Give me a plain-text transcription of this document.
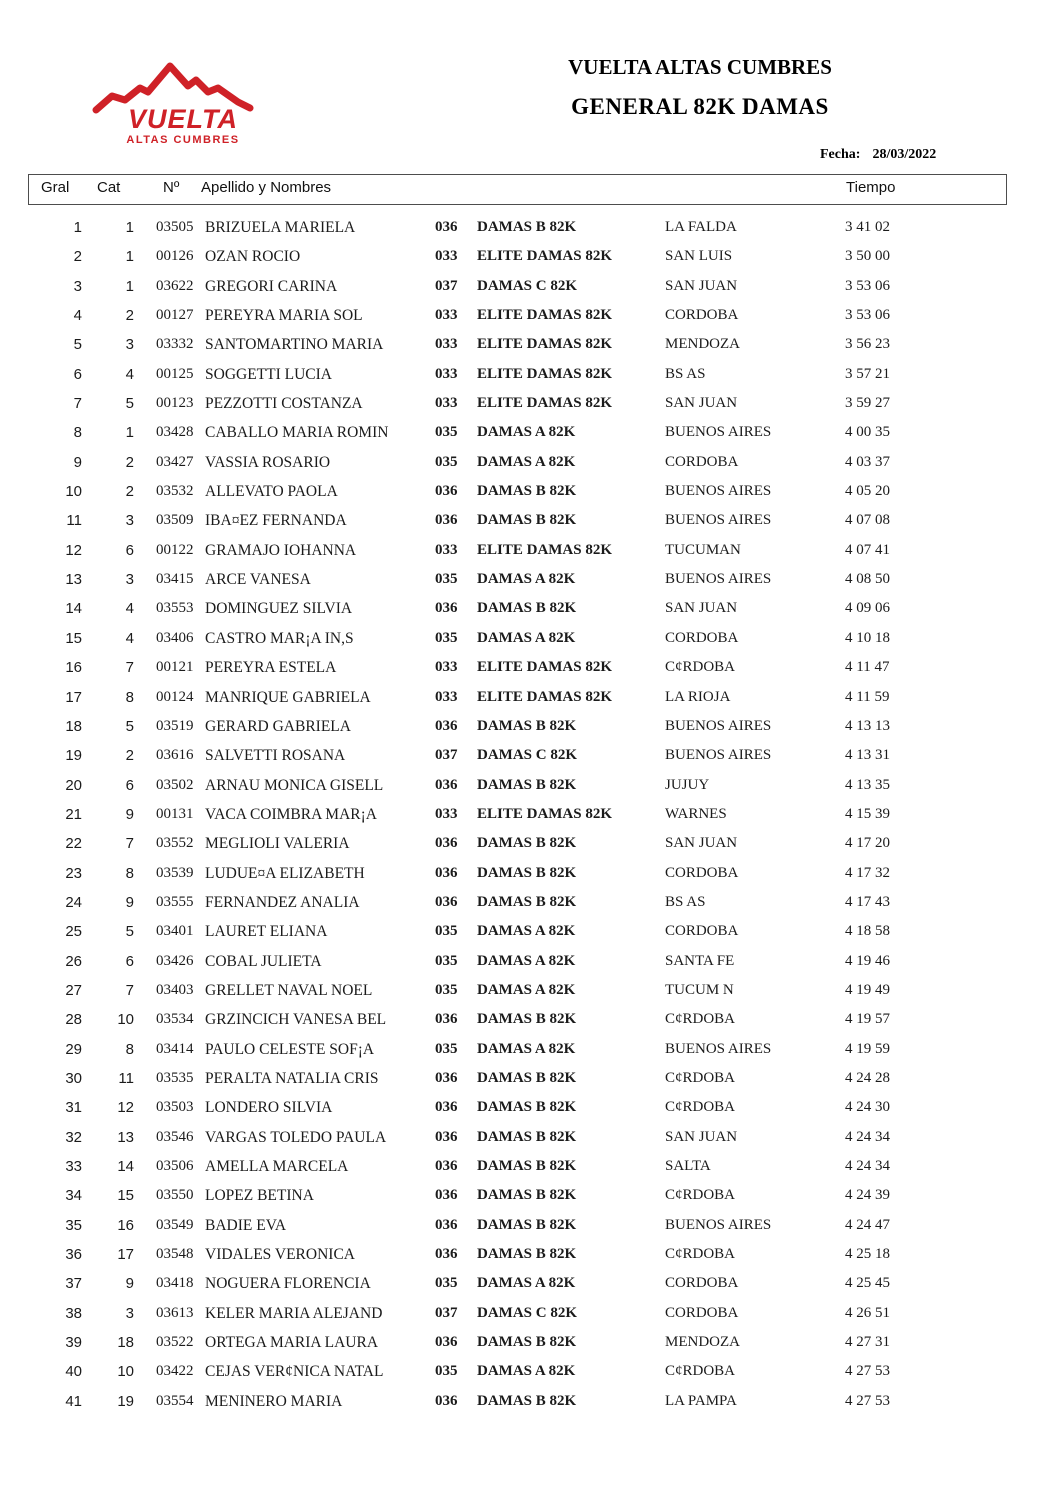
VUELTA
ALTAS CUMBRES
VUELTA ALTAS CUMBRES
GENERAL 82K DAMAS
Fecha: 28/03/2022
Gral Cat	Nº Apellido y Nombres	Tiempo
1	1 03505 BRIZUELA MARIELA	036	DAMAS B 82K	LA FALDA	3 41 02
2	1 00126 OZAN ROCIO	033	ELITE DAMAS 82K	SAN LUIS	3 50 00
3	1 03622 GREGORI CARINA	037	DAMAS C 82K	SAN JUAN	3 53 06
4	2 00127 PEREYRA MARIA SOL	033	ELITE DAMAS 82K	CORDOBA	3 53 06
5	3 03332 SANTOMARTINO MARIA	033	ELITE DAMAS 82K	MENDOZA	3 56 23
6	4 00125 SOGGETTI LUCIA	033	ELITE DAMAS 82K	BS AS	3 57 21
7	5 00123 PEZZOTTI COSTANZA	033	ELITE DAMAS 82K	SAN JUAN	3 59 27
8	1 03428 CABALLO MARIA ROMIN	035	DAMAS A 82K	BUENOS AIRES	4 00 35
9	2 03427 VASSIA ROSARIO	035	DAMAS A 82K	CORDOBA	4 03 37
10	2 03532 ALLEVATO PAOLA	036	DAMAS B 82K	BUENOS AIRES	4 05 20
11	3 03509 IBA¤EZ FERNANDA	036	DAMAS B 82K	BUENOS AIRES	4 07 08
12	6 00122 GRAMAJO IOHANNA	033	ELITE DAMAS 82K	TUCUMAN	4 07 41
13	3 03415 ARCE VANESA	035	DAMAS A 82K	BUENOS AIRES	4 08 50
14	4 03553 DOMINGUEZ SILVIA	036	DAMAS B 82K	SAN JUAN	4 09 06
15	4 03406 CASTRO MAR¡A IN,S	035	DAMAS A 82K	CORDOBA	4 10 18
16	7 00121 PEREYRA ESTELA	033	ELITE DAMAS 82K	C¢RDOBA	4 11 47
17	8 00124 MANRIQUE GABRIELA	033	ELITE DAMAS 82K	LA RIOJA	4 11 59
18	5 03519 GERARD GABRIELA	036	DAMAS B 82K	BUENOS AIRES	4 13 13
19	2 03616 SALVETTI ROSANA	037	DAMAS C 82K	BUENOS AIRES	4 13 31
20	6 03502 ARNAU MONICA GISELL	036	DAMAS B 82K	JUJUY	4 13 35
21	9 00131 VACA COIMBRA MAR¡A	033	ELITE DAMAS 82K	WARNES	4 15 39
22	7 03552 MEGLIOLI VALERIA	036	DAMAS B 82K	SAN JUAN	4 17 20
23	8 03539 LUDUE¤A ELIZABETH	036	DAMAS B 82K	CORDOBA	4 17 32
24	9 03555 FERNANDEZ ANALIA	036	DAMAS B 82K	BS AS	4 17 43
25	5 03401 LAURET ELIANA	035	DAMAS A 82K	CORDOBA	4 18 58
26	6 03426 COBAL JULIETA	035	DAMAS A 82K	SANTA FE	4 19 46
27	7 03403 GRELLET NAVAL NOEL	035	DAMAS A 82K	TUCUM N	4 19 49
28	10 03534 GRZINCICH VANESA BEL	036	DAMAS B 82K	C¢RDOBA	4 19 57
29	8 03414 PAULO CELESTE SOF¡A	035	DAMAS A 82K	BUENOS AIRES	4 19 59
30	11 03535 PERALTA NATALIA CRIS	036	DAMAS B 82K	C¢RDOBA	4 24 28
31	12 03503 LONDERO SILVIA	036	DAMAS B 82K	C¢RDOBA	4 24 30
32	13 03546 VARGAS TOLEDO PAULA	036	DAMAS B 82K	SAN JUAN	4 24 34
33	14 03506 AMELLA MARCELA	036	DAMAS B 82K	SALTA	4 24 34
34	15 03550 LOPEZ BETINA	036	DAMAS B 82K	C¢RDOBA	4 24 39
35	16 03549 BADIE EVA	036	DAMAS B 82K	BUENOS AIRES	4 24 47
36	17 03548 VIDALES VERONICA	036	DAMAS B 82K	C¢RDOBA	4 25 18
37	9 03418 NOGUERA FLORENCIA	035	DAMAS A 82K	CORDOBA	4 25 45
38	3 03613 KELER MARIA ALEJAND	037	DAMAS C 82K	CORDOBA	4 26 51
39	18 03522 ORTEGA MARIA LAURA	036	DAMAS B 82K	MENDOZA	4 27 31
40	10 03422 CEJAS VER¢NICA NATAL	035	DAMAS A 82K	C¢RDOBA	4 27 53
41	19 03554 MENINERO MARIA	036	DAMAS B 82K	LA PAMPA	4 27 53
